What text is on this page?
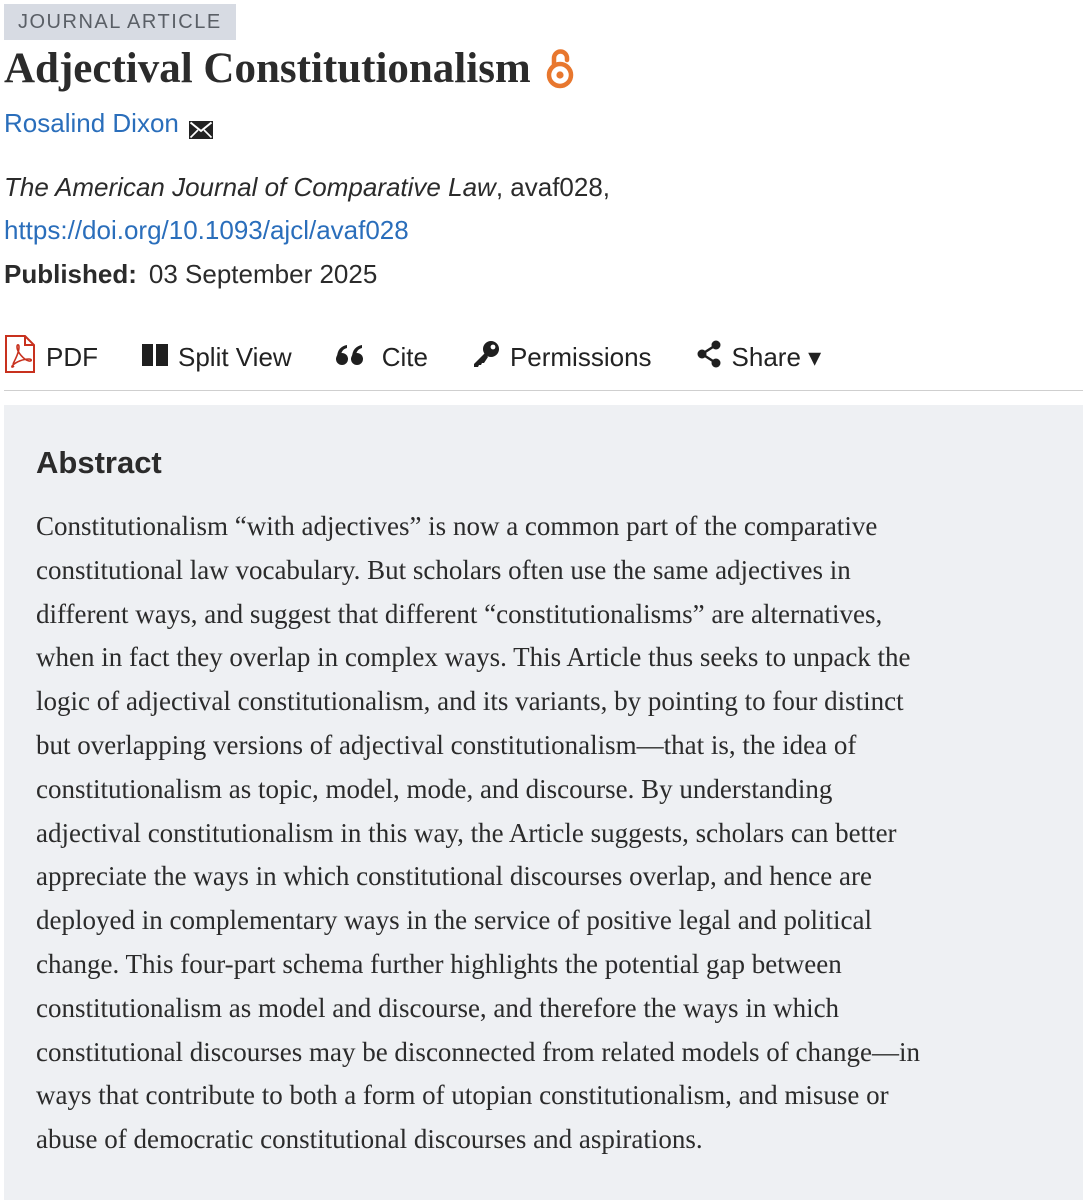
JOURNAL ARTICLE
Adjectival Constitutionalism
Rosalind Dixon
The American Journal of Comparative Law, avaf028,
https://doi.org/10.1093/ajcl/avaf028
Published: 03 September 2025
PDF	Split View	Cite	Permissions	Share ▾
Abstract
Constitutionalism “with adjectives” is now a common part of the comparative
constitutional law vocabulary. But scholars often use the same adjectives in
different ways, and suggest that different “constitutionalisms” are alternatives,
when in fact they overlap in complex ways. This Article thus seeks to unpack the
logic of adjectival constitutionalism, and its variants, by pointing to four distinct
but overlapping versions of adjectival constitutionalism—that is, the idea of
constitutionalism as topic, model, mode, and discourse. By understanding
adjectival constitutionalism in this way, the Article suggests, scholars can better
appreciate the ways in which constitutional discourses overlap, and hence are
deployed in complementary ways in the service of positive legal and political
change. This four-part schema further highlights the potential gap between
constitutionalism as model and discourse, and therefore the ways in which
constitutional discourses may be disconnected from related models of change—in
ways that contribute to both a form of utopian constitutionalism, and misuse or
abuse of democratic constitutional discourses and aspirations.
